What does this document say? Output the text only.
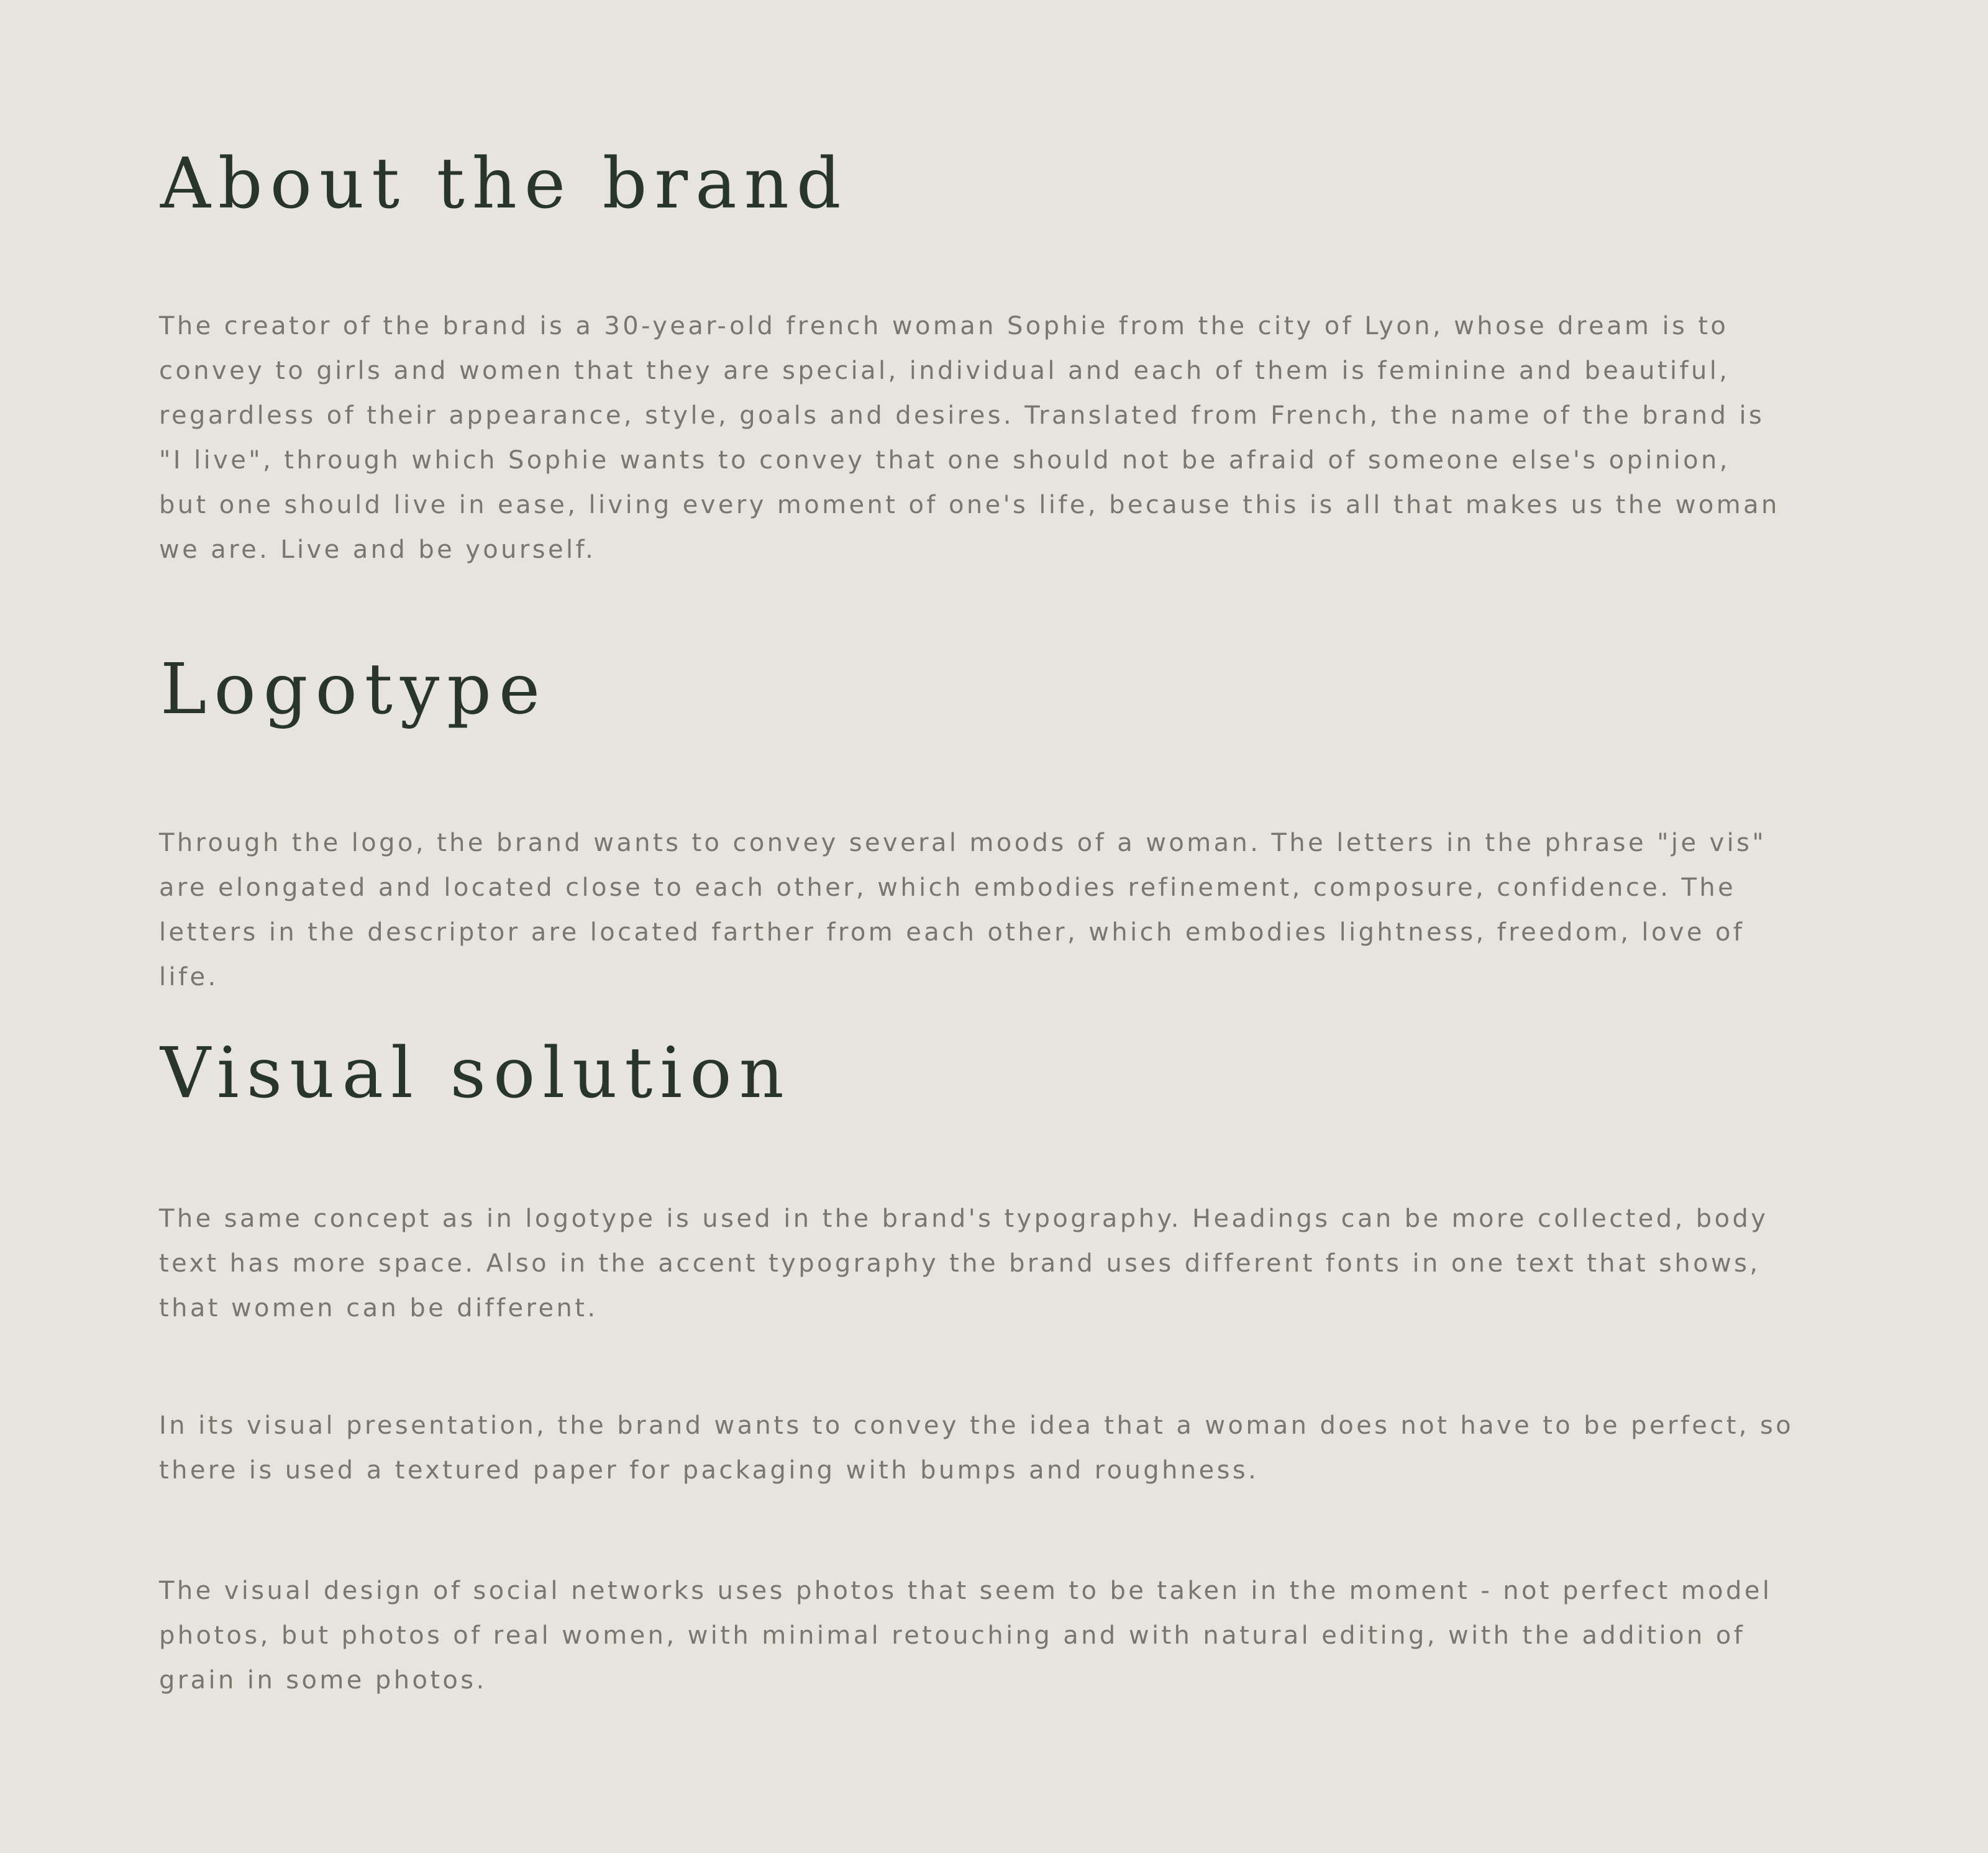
About the brand

The creator of the brand is a 30-year-old french woman Sophie from the city of Lyon, whose dream is to convey to girls and women that they are special, individual and each of them is feminine and beautiful, regardless of their appearance, style, goals and desires. Translated from French, the name of the brand is "I live", through which Sophie wants to convey that one should not be afraid of someone else's opinion, but one should live in ease, living every moment of one's life, because this is all that makes us the woman we are. Live and be yourself.

Logotype

Through the logo, the brand wants to convey several moods of a woman. The letters in the phrase "je vis" are elongated and located close to each other, which embodies refinement, composure, confidence. The letters in the descriptor are located farther from each other, which embodies lightness, freedom, love of life.

Visual solution

The same concept as in logotype is used in the brand's typography. Headings can be more collected, body text has more space. Also in the accent typography the brand uses different fonts in one text that shows, that women can be different.

In its visual presentation, the brand wants to convey the idea that a woman does not have to be perfect, so there is used a textured paper for packaging with bumps and roughness.

The visual design of social networks uses photos that seem to be taken in the moment - not perfect model photos, but photos of real women, with minimal retouching and with natural editing, with the addition of grain in some photos.
